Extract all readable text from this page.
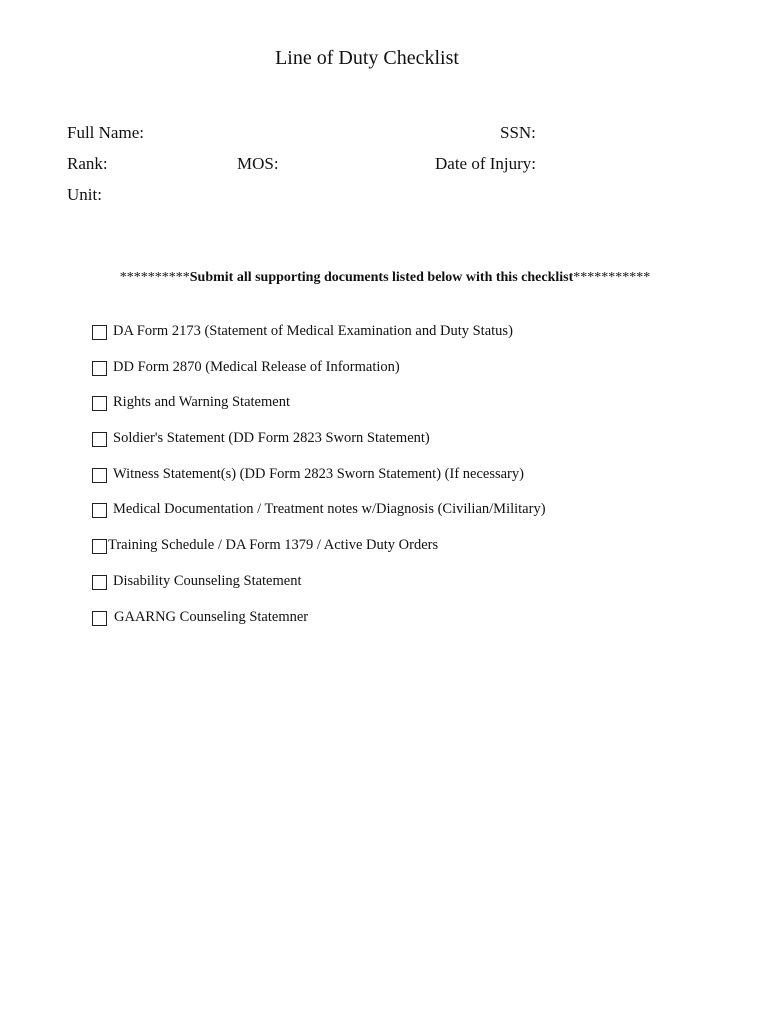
Line of Duty Checklist
Full Name:	SSN:
Rank:	MOS:	Date of Injury:
Unit:
**********Submit all supporting documents listed below with this checklist***********
DA Form 2173 (Statement of Medical Examination and Duty Status)
DD Form 2870 (Medical Release of Information)
Rights and Warning Statement
Soldier's Statement (DD Form 2823 Sworn Statement)
Witness Statement(s) (DD Form 2823 Sworn Statement) (If necessary)
Medical Documentation / Treatment notes w/Diagnosis (Civilian/Military)
Training Schedule / DA Form 1379 / Active Duty Orders
Disability Counseling Statement
GAARNG Counseling Statemner
